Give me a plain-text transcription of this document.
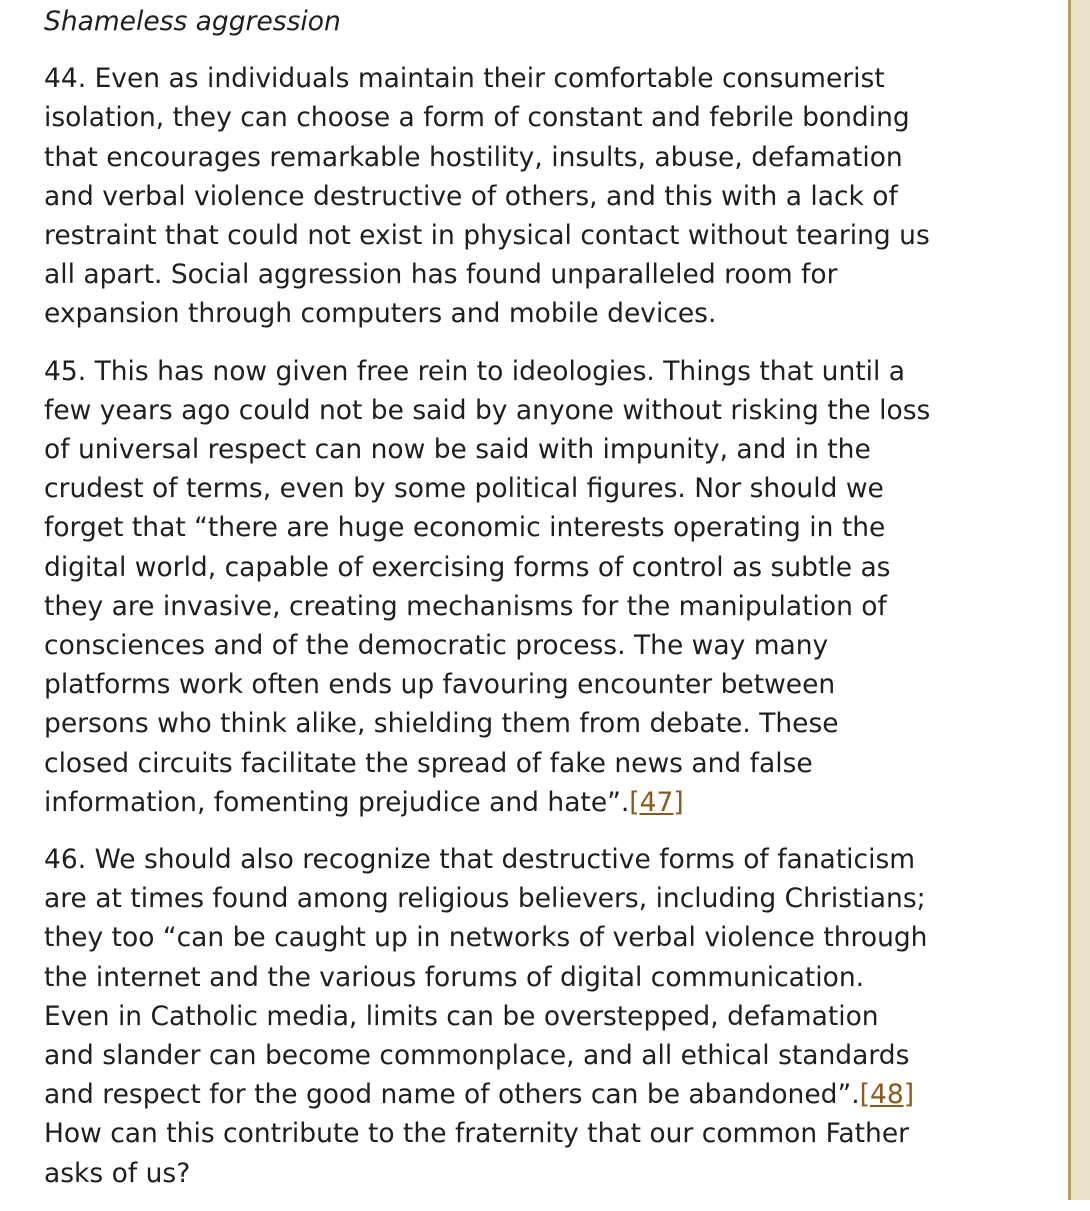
Shameless aggression
44. Even as individuals maintain their comfortable consumerist
isolation, they can choose a form of constant and febrile bonding
that encourages remarkable hostility, insults, abuse, defamation
and verbal violence destructive of others, and this with a lack of
restraint that could not exist in physical contact without tearing us
all apart. Social aggression has found unparalleled room for
expansion through computers and mobile devices.
45. This has now given free rein to ideologies. Things that until a
few years ago could not be said by anyone without risking the loss
of universal respect can now be said with impunity, and in the
crudest of terms, even by some political figures. Nor should we
forget that “there are huge economic interests operating in the
digital world, capable of exercising forms of control as subtle as
they are invasive, creating mechanisms for the manipulation of
consciences and of the democratic process. The way many
platforms work often ends up favouring encounter between
persons who think alike, shielding them from debate. These
closed circuits facilitate the spread of fake news and false
information, fomenting prejudice and hate”.[47]
46. We should also recognize that destructive forms of fanaticism
are at times found among religious believers, including Christians;
they too “can be caught up in networks of verbal violence through
the internet and the various forums of digital communication.
Even in Catholic media, limits can be overstepped, defamation
and slander can become commonplace, and all ethical standards
and respect for the good name of others can be abandoned”.[48]
How can this contribute to the fraternity that our common Father
asks of us?
